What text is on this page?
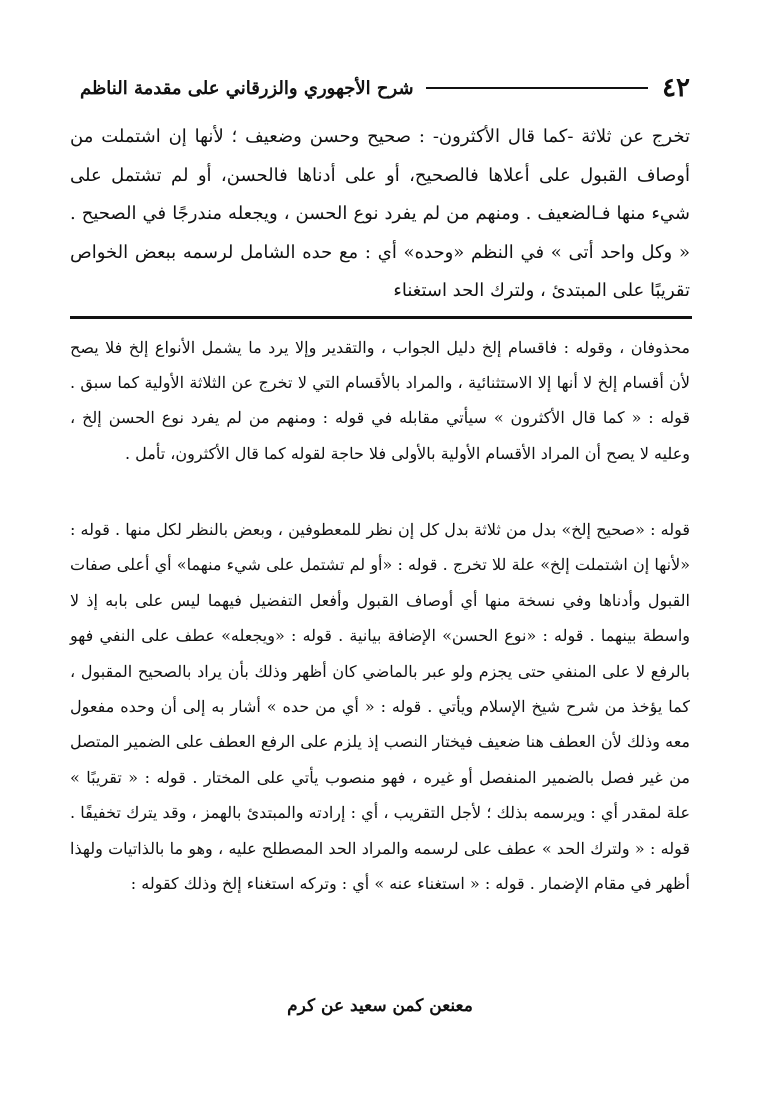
٤٢
شرح الأجهوري والزرقاني على مقدمة الناظم

تخرج عن ثلاثة -كما قال الأكثرون- : صحيح وحسن وضعيف ؛ لأنها إن اشتملت من أوصاف القبول على أعلاها فالصحيح، أو على أدناها فالحسن، أو لم تشتمل على شيء منها فـالضعيف . ومنهم من لم يفرد نوع الحسن ، ويجعله مندرجًا في الصحيح . « وكل واحد أتى » في النظم «وحده» أي : مع حده الشامل لرسمه ببعض الخواص تقريبًا على المبتدئ ، ولترك الحد استغناء

محذوفان ، وقوله : فاقسام إلخ دليل الجواب ، والتقدير وإلا يرد ما يشمل الأنواع إلخ فلا يصح لأن أقسام إلخ لا أنها إلا الاستثنائية ، والمراد بالأقسام التي لا تخرج عن الثلاثة الأولية كما سبق . قوله : « كما قال الأكثرون » سيأتي مقابله في قوله : ومنهم من لم يفرد نوع الحسن إلخ ، وعليه لا يصح أن المراد الأقسام الأولية بالأولى فلا حاجة لقوله كما قال الأكثرون، تأمل .

قوله : «صحيح إلخ» بدل من ثلاثة بدل كل إن نظر للمعطوفين ، وبعض بالنظر لكل منها . قوله : «لأنها إن اشتملت إلخ» علة للا تخرج . قوله : «أو لم تشتمل على شيء منهما» أي أعلى صفات القبول وأدناها وفي نسخة منها أي أوصاف القبول وأفعل التفضيل فيهما ليس على بابه إذ لا واسطة بينهما . قوله : «نوع الحسن» الإضافة بيانية . قوله : «ويجعله» عطف على النفي فهو بالرفع لا على المنفي حتى يجزم ولو عبر بالماضي كان أظهر وذلك بأن يراد بالصحيح المقبول ، كما يؤخذ من شرح شيخ الإسلام ويأتي . قوله : « أي من حده » أشار به إلى أن وحده مفعول معه وذلك لأن العطف هنا ضعيف فيختار النصب إذ يلزم على الرفع العطف على الضمير المتصل من غير فصل بالضمير المنفصل أو غيره ، فهو منصوب يأتي على المختار . قوله : « تقريبًا » علة لمقدر أي : ويرسمه بذلك ؛ لأجل التقريب ، أي : إرادته والمبتدئ بالهمز ، وقد يترك تخفيفًا . قوله : « ولترك الحد » عطف على لرسمه والمراد الحد المصطلح عليه ، وهو ما بالذاتيات ولهذا أظهر في مقام الإضمار . قوله : « استغناء عنه » أي : وتركه استغناء إلخ وذلك كقوله :

معنعن كمن سعيد عن كرم
